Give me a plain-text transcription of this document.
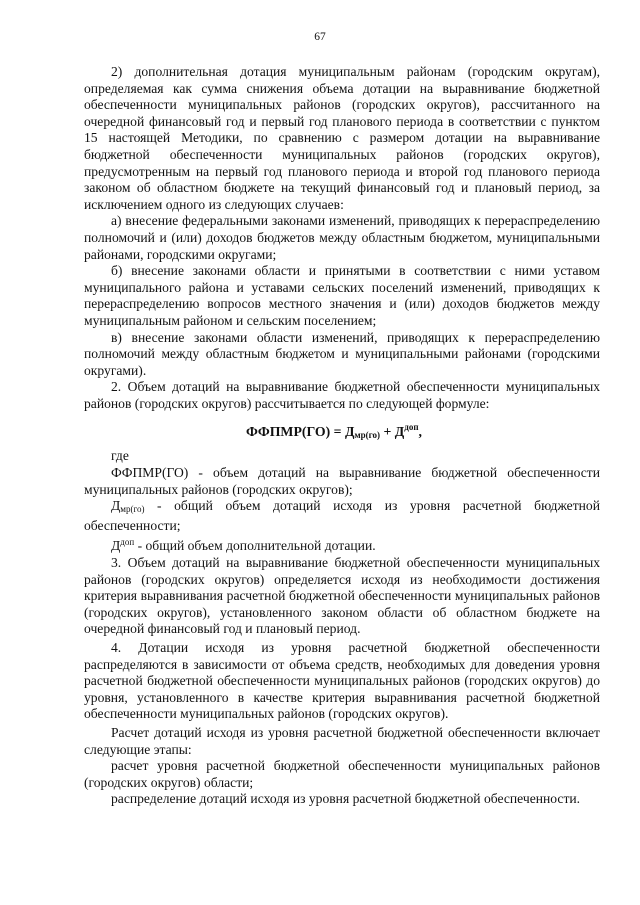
67

2) дополнительная дотация муниципальным районам (городским округам), определяемая как сумма снижения объема дотации на выравнивание бюджетной обеспеченности муниципальных районов (городских округов), рассчитанного на очередной финансовый год и первый год планового периода в соответствии с пунктом 15 настоящей Методики, по сравнению с размером дотации на выравнивание бюджетной обеспеченности муниципальных районов (городских округов), предусмотренным на первый год планового периода и второй год планового периода законом об областном бюджете на текущий финансовый год и плановый период, за исключением одного из следующих случаев:

а) внесение федеральными законами изменений, приводящих к перераспределению полномочий и (или) доходов бюджетов между областным бюджетом, муниципальными районами, городскими округами;

б) внесение законами области и принятыми в соответствии с ними уставом муниципального района и уставами сельских поселений изменений, приводящих к перераспределению вопросов местного значения и (или) доходов бюджетов между муниципальным районом и сельским поселением;

в) внесение законами области изменений, приводящих к перераспределению полномочий между областным бюджетом и муниципальными районами (городскими округами).

2. Объем дотаций на выравнивание бюджетной обеспеченности муниципальных районов (городских округов) рассчитывается по следующей формуле:

ФФПМР(ГО) = $Д_{мр(го)} + Д^{доп}$,

где

ФФПМР(ГО) - объем дотаций на выравнивание бюджетной обеспеченности муниципальных районов (городских округов);

$Д_{мр(го)}$ - общий объем дотаций исходя из уровня расчетной бюджетной обеспеченности;

$Д^{доп}$ - общий объем дополнительной дотации.

3. Объем дотаций на выравнивание бюджетной обеспеченности муниципальных районов (городских округов) определяется исходя из необходимости достижения критерия выравнивания расчетной бюджетной обеспеченности муниципальных районов (городских округов), установленного законом области об областном бюджете на очередной финансовый год и плановый период.

4. Дотации исходя из уровня расчетной бюджетной обеспеченности распределяются в зависимости от объема средств, необходимых для доведения уровня расчетной бюджетной обеспеченности муниципальных районов (городских округов) до уровня, установленного в качестве критерия выравнивания расчетной бюджетной обеспеченности муниципальных районов (городских округов).

Расчет дотаций исходя из уровня расчетной бюджетной обеспеченности включает следующие этапы:

расчет уровня расчетной бюджетной обеспеченности муниципальных районов (городских округов) области;

распределение дотаций исходя из уровня расчетной бюджетной обеспеченности.
